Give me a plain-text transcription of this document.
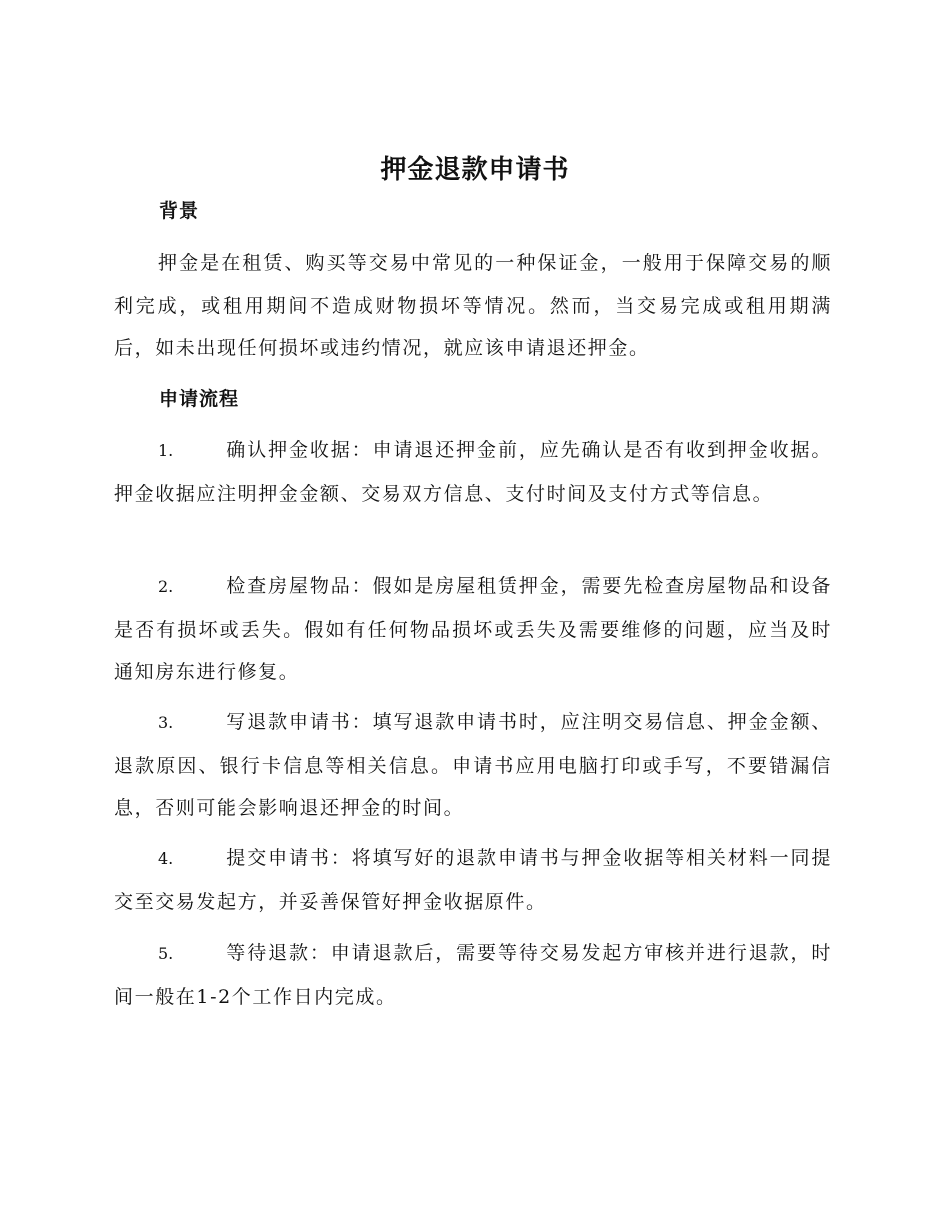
押金退款申请书
背景

押金是在租赁、购买等交易中常见的一种保证金，一般用于保障交易的顺利完成，或租用期间不造成财物损坏等情况。然而，当交易完成或租用期满后，如未出现任何损坏或违约情况，就应该申请退还押金。

申请流程

1.	确认押金收据：申请退还押金前，应先确认是否有收到押金收据。押金收据应注明押金金额、交易双方信息、支付时间及支付方式等信息。

2.	检查房屋物品：假如是房屋租赁押金，需要先检查房屋物品和设备是否有损坏或丢失。假如有任何物品损坏或丢失及需要维修的问题，应当及时通知房东进行修复。

3.	写退款申请书：填写退款申请书时，应注明交易信息、押金金额、退款原因、银行卡信息等相关信息。申请书应用电脑打印或手写，不要错漏信息，否则可能会影响退还押金的时间。

4.	提交申请书：将填写好的退款申请书与押金收据等相关材料一同提交至交易发起方，并妥善保管好押金收据原件。

5.	等待退款：申请退款后，需要等待交易发起方审核并进行退款，时间一般在1-2个工作日内完成。
